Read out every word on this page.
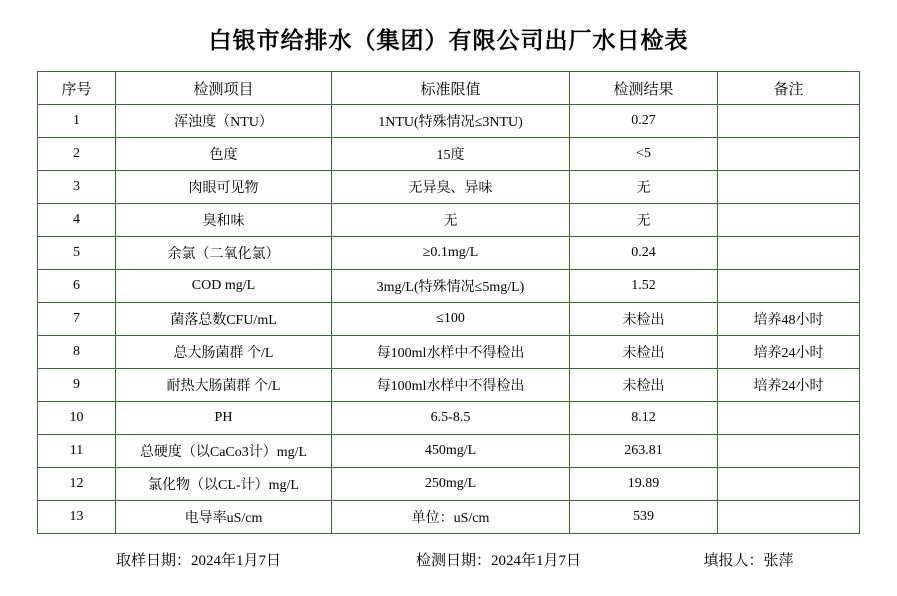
白银市给排水（集团）有限公司出厂水日检表
序号	检测项目	标准限值	检测结果	备注
1	浑浊度（NTU）	1NTU(特殊情况≤3NTU)	0.27	
2	色度	15度	<5	
3	肉眼可见物	无异臭、异味	无	
4	臭和味	无	无	
5	余氯（二氧化氯）	≥0.1mg/L	0.24	
6	COD mg/L	3mg/L(特殊情况≤5mg/L)	1.52	
7	菌落总数CFU/mL	≤100	未检出	培养48小时
8	总大肠菌群 个/L	每100ml水样中不得检出	未检出	培养24小时
9	耐热大肠菌群 个/L	每100ml水样中不得检出	未检出	培养24小时
10	PH	6.5-8.5	8.12	
11	总硬度（以CaCo3计）mg/L	450mg/L	263.81	
12	氯化物（以CL-计）mg/L	250mg/L	19.89	
13	电导率uS/cm	单位：uS/cm	539	
取样日期：2024年1月7日	检测日期：2024年1月7日	填报人：张萍
